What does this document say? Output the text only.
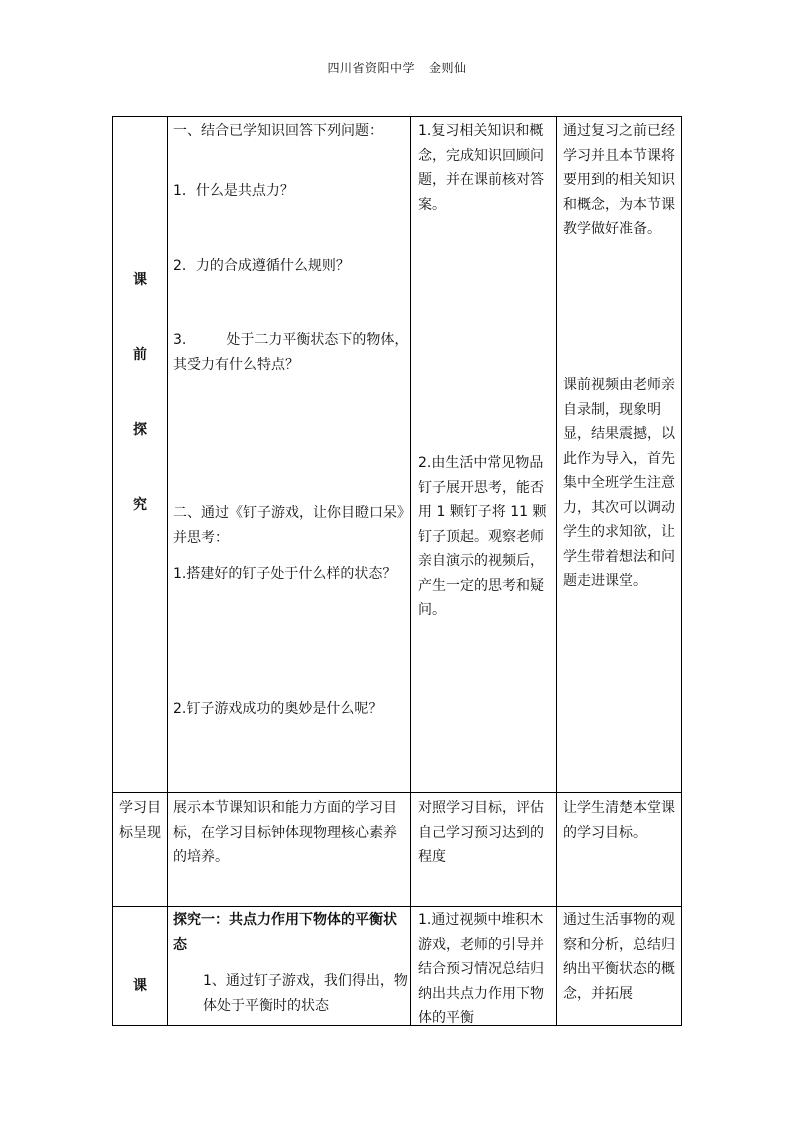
四川省资阳中学 金则仙
课
前
探
究
一、结合已学知识回答下列问题：
1．什么是共点力？
2．力的合成遵循什么规则？
3.	处于二力平衡状态下的物体，其受力有什么特点？
二、通过《钉子游戏，让你目瞪口呆》并思考：
1.搭建好的钉子处于什么样的状态？
2.钉子游戏成功的奥妙是什么呢？
1.复习相关知识和概念，完成知识回顾问题，并在课前核对答案。
2.由生活中常见物品钉子展开思考，能否用 1 颗钉子将 11 颗钉子顶起。观察老师亲自演示的视频后，产生一定的思考和疑问。
通过复习之前已经学习并且本节课将要用到的相关知识和概念，为本节课教学做好准备。
课前视频由老师亲自录制，现象明显，结果震撼，以此作为导入，首先集中全班学生注意力，其次可以调动学生的求知欲，让学生带着想法和问题走进课堂。
学习目标呈现
展示本节课知识和能力方面的学习目标，在学习目标钟体现物理核心素养的培养。
对照学习目标，评估自己学习预习达到的程度
让学生清楚本堂课的学习目标。
课
探究一：共点力作用下物体的平衡状态
1、通过钉子游戏，我们得出，物体处于平衡时的状态
1.通过视频中堆积木游戏，老师的引导并结合预习情况总结归纳出共点力作用下物体的平衡
通过生活事物的观察和分析，总结归纳出平衡状态的概念，并拓展
